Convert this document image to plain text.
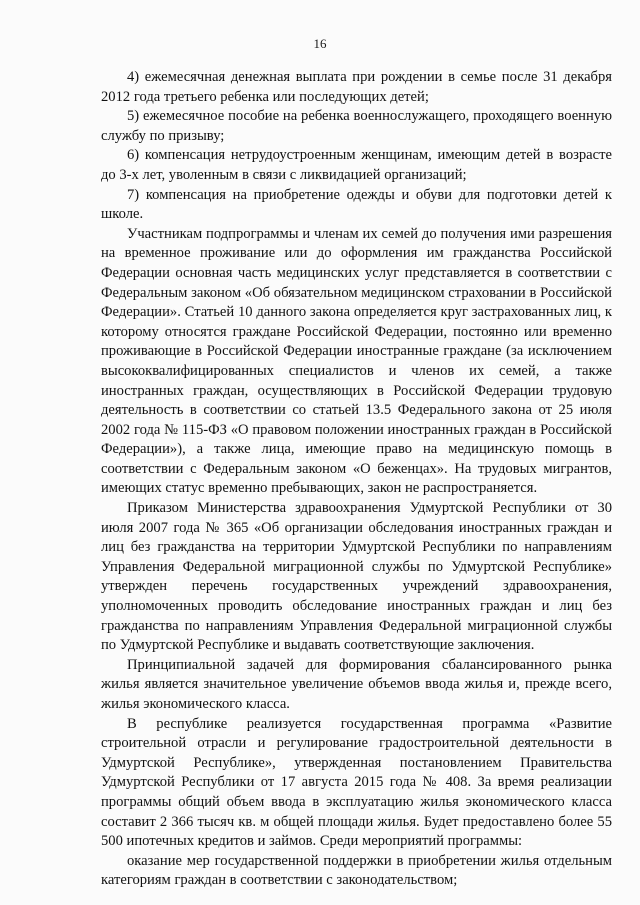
16

4) ежемесячная денежная выплата при рождении в семье после 31 декабря 2012 года третьего ребенка или последующих детей;

5) ежемесячное пособие на ребенка военнослужащего, проходящего военную службу по призыву;

6) компенсация нетрудоустроенным женщинам, имеющим детей в возрасте до 3-х лет, уволенным в связи с ликвидацией организаций;

7) компенсация на приобретение одежды и обуви для подготовки детей к школе.

Участникам подпрограммы и членам их семей до получения ими разрешения на временное проживание или до оформления им гражданства Российской Федерации основная часть медицинских услуг представляется в соответствии с Федеральным законом «Об обязательном медицинском страховании в Российской Федерации». Статьей 10 данного закона определяется круг застрахованных лиц, к которому относятся граждане Российской Федерации, постоянно или временно проживающие в Российской Федерации иностранные граждане (за исключением высококвалифицированных специалистов и членов их семей, а также иностранных граждан, осуществляющих в Российской Федерации трудовую деятельность в соответствии со статьей 13.5 Федерального закона от 25 июля 2002 года № 115-ФЗ «О правовом положении иностранных граждан в Российской Федерации»), а также лица, имеющие право на медицинскую помощь в соответствии с Федеральным законом «О беженцах». На трудовых мигрантов, имеющих статус временно пребывающих, закон не распространяется.

Приказом Министерства здравоохранения Удмуртской Республики от 30 июля 2007 года № 365 «Об организации обследования иностранных граждан и лиц без гражданства на территории Удмуртской Республики по направлениям Управления Федеральной миграционной службы по Удмуртской Республике» утвержден перечень государственных учреждений здравоохранения, уполномоченных проводить обследование иностранных граждан и лиц без гражданства по направлениям Управления Федеральной миграционной службы по Удмуртской Республике и выдавать соответствующие заключения.

Принципиальной задачей для формирования сбалансированного рынка жилья является значительное увеличение объемов ввода жилья и, прежде всего, жилья экономического класса.

В республике реализуется государственная программа «Развитие строительной отрасли и регулирование градостроительной деятельности в Удмуртской Республике», утвержденная постановлением Правительства Удмуртской Республики от 17 августа 2015 года № 408. За время реализации программы общий объем ввода в эксплуатацию жилья экономического класса составит 2 366 тысяч кв. м общей площади жилья. Будет предоставлено более 55 500 ипотечных кредитов и займов. Среди мероприятий программы:

оказание мер государственной поддержки в приобретении жилья отдельным категориям граждан в соответствии с законодательством;
